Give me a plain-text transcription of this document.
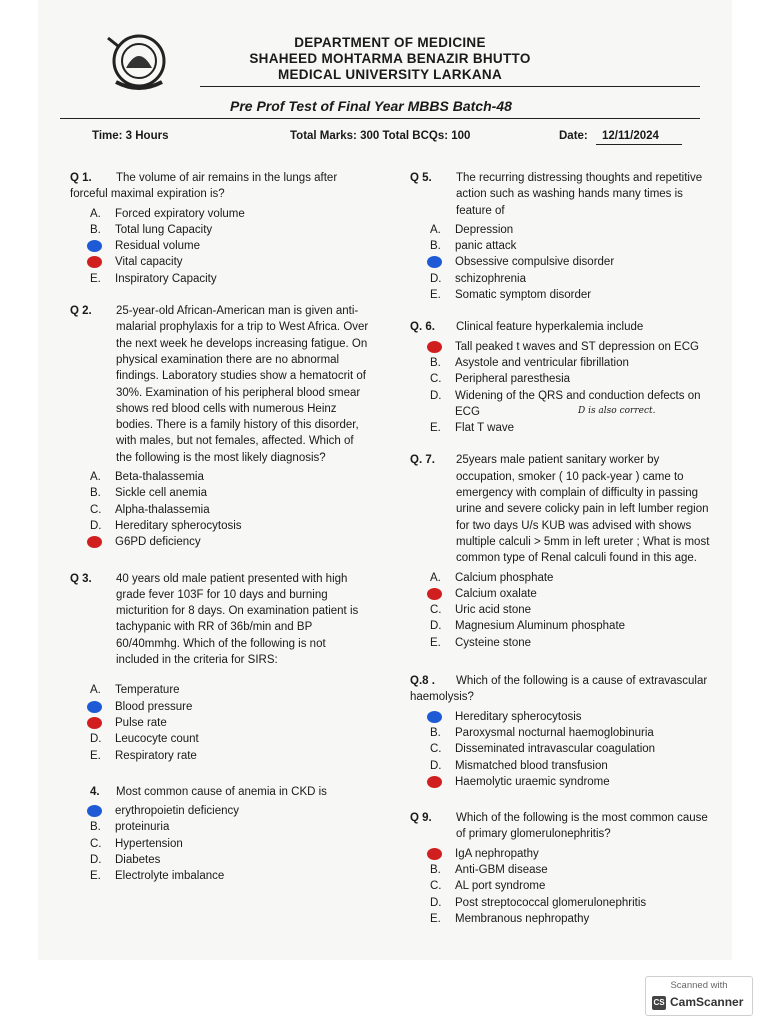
DEPARTMENT OF MEDICINE
SHAHEED MOHTARMA BENAZIR BHUTTO
MEDICAL UNIVERSITY LARKANA
Pre Prof Test of Final Year MBBS Batch-48
Time: 3 Hours	Total Marks: 300 Total BCQs: 100	Date: 12/11/2024
Q 1.	The volume of air remains in the lungs after forceful maximal expiration is?
A. Forced expiratory volume
B. Total lung Capacity
Residual volume
Vital capacity
E. Inspiratory Capacity
Q 2. 25-year-old African-American man is given anti-malarial prophylaxis for a trip to West Africa. Over the next week he develops increasing fatigue. On physical examination there are no abnormal findings. Laboratory studies show a hematocrit of 30%. Examination of his peripheral blood smear shows red blood cells with numerous Heinz bodies. There is a family history of this disorder, with males, but not females, affected. Which of the following is the most likely diagnosis?
A. Beta-thalassemia
B. Sickle cell anemia
C. Alpha-thalassemia
D. Hereditary spherocytosis
G6PD deficiency
Q 3. 40 years old male patient presented with high grade fever 103F for 10 days and burning micturition for 8 days. On examination patient is tachypanic with RR of 36b/min and BP 60/40mmhg. Which of the following is not included in the criteria for SIRS:
A. Temperature
Blood pressure
Pulse rate
D. Leucocyte count
E. Respiratory rate
4. Most common cause of anemia in CKD is
erythropoietin deficiency
B. proteinuria
C. Hypertension
D. Diabetes
E. Electrolyte imbalance
Q 5. The recurring distressing thoughts and repetitive action such as washing hands many times is feature of
A. Depression
B. panic attack
Obsessive compulsive disorder
D. schizophrenia
E. Somatic symptom disorder
Q. 6. Clinical feature hyperkalemia include
Tall peaked t waves and ST depression on ECG
B. Asystole and ventricular fibrillation
C. Peripheral paresthesia
D. Widening of the QRS and conduction defects on ECG
E. Flat T wave
D is also correct.
Q. 7. 25years male patient sanitary worker by occupation, smoker ( 10 pack-year ) came to emergency with complain of difficulty in passing urine and severe colicky pain in left lumber region for two days U/s KUB was advised with shows multiple calculi > 5mm in left ureter ; What is most common type of Renal calculi found in this age.
A. Calcium phosphate
Calcium oxalate
C. Uric acid stone
D. Magnesium Aluminum phosphate
E. Cysteine stone
Q.8 .	Which of the following is a cause of extravascular haemolysis?
Hereditary spherocytosis
B. Paroxysmal nocturnal haemoglobinuria
C. Disseminated intravascular coagulation
D. Mismatched blood transfusion
Haemolytic uraemic syndrome
Q 9. Which of the following is the most common cause of primary glomerulonephritis?
IgA nephropathy
B. Anti-GBM disease
C. AL port syndrome
D. Post streptococcal glomerulonephritis
E. Membranous nephropathy
Scanned with
CS CamScanner
